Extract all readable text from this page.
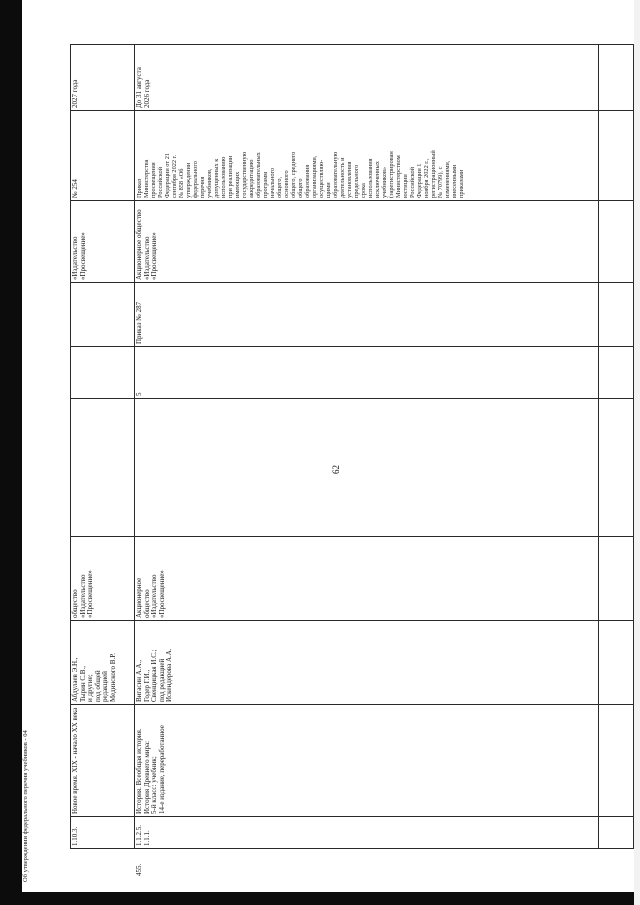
62
1.10.3.
Новое время. XIX - начало XX века
Абдулаев Э.Н.,
Тырин С.В.,
и другие;
под общей
редакцией
Мединского В.Р.
общество
«Издательство
«Просвещение»
«Издательство
«Просвещение»
№ 254
2027 года
455.
1.1.2.5.
1.1.1.
История. Всеобщая история.
История Древнего мира:
5-й класс: учебник;
14-е издание, переработанное
Вигасин А.А.,
Годер Г.И.,
Свенцицкая И.С.;
под редакцией
Искендерова А.А.
Акционерное
общество
«Издательство
«Просвещение»
5
Приказ № 287
Акционерное общество
«Издательство
«Просвещение»
Приказ
Министерства
просвещения
Российской
Федерации от 21
сентября 2022 г.
№ 858 «Об
утверждении
федерального
перечня
учебников,
допущенных к
использованию
при реализации
имеющих
государственную
аккредитацию
образовательных
программ
начального
общего,
основного
общего, среднего
общего
образования
организациями,
осуществляю-
щими
образовательную
деятельность и
установления
предельного
срока
использования
исключенных
учебников»
(зарегистрирован
Министерством
юстиции
Российской
Федерации 1
ноября 2022 г.,
регистрационный
№ 70799), с
изменениями,
внесенными
приказами
До 31 августа
2026 года
Об утверждении федерального перечня учебников - 04
